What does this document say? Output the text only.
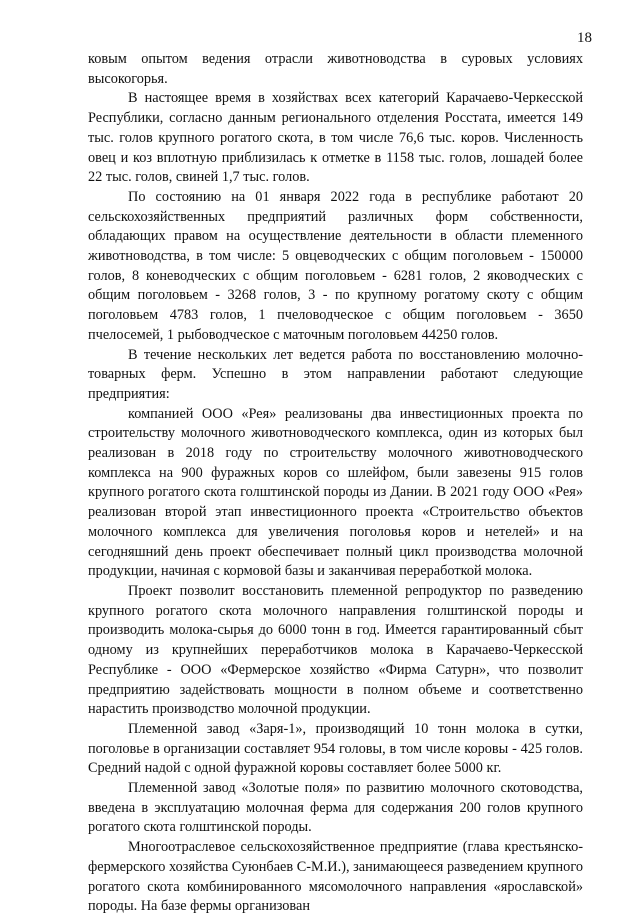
18

ковым опытом ведения отрасли животноводства в суровых условиях высокогорья.

В настоящее время в хозяйствах всех категорий Карачаево-Черкесской Республики, согласно данным регионального отделения Росстата, имеется 149 тыс. голов крупного рогатого скота, в том числе 76,6 тыс. коров. Численность овец и коз вплотную приблизилась к отметке в 1158 тыс. голов, лошадей более 22 тыс. голов, свиней 1,7 тыс. голов.

По состоянию на 01 января 2022 года в республике работают 20 сельскохозяйственных предприятий различных форм собственности, обладающих правом на осуществление деятельности в области племенного животноводства, в том числе: 5 овцеводческих с общим поголовьем - 150000 голов, 8 коневодческих с общим поголовьем - 6281 голов, 2 яководческих с общим поголовьем - 3268 голов, 3 - по крупному рогатому скоту с общим поголовьем 4783 голов, 1 пчеловодческое с общим поголовьем - 3650 пчелосемей, 1 рыбоводческое с маточным поголовьем 44250 голов.

В течение нескольких лет ведется работа по восстановлению молочно-товарных ферм. Успешно в этом направлении работают следующие предприятия:

компанией ООО «Рея» реализованы два инвестиционных проекта по строительству молочного животноводческого комплекса, один из которых был реализован в 2018 году по строительству молочного животноводческого комплекса на 900 фуражных коров со шлейфом, были завезены 915 голов крупного рогатого скота голштинской породы из Дании. В 2021 году ООО «Рея» реализован второй этап инвестиционного проекта «Строительство объектов молочного комплекса для увеличения поголовья коров и нетелей» и на сегодняшний день проект обеспечивает полный цикл производства молочной продукции, начиная с кормовой базы и заканчивая переработкой молока.

Проект позволит восстановить племенной репродуктор по разведению крупного рогатого скота молочного направления голштинской породы и производить молока-сырья до 6000 тонн в год. Имеется гарантированный сбыт одному из крупнейших переработчиков молока в Карачаево-Черкесской Республике - ООО «Фермерское хозяйство «Фирма Сатурн», что позволит предприятию задействовать мощности в полном объеме и соответственно нарастить производство молочной продукции.

Племенной завод «Заря-1», производящий 10 тонн молока в сутки, поголовье в организации составляет 954 головы, в том числе коровы - 425 голов. Средний надой с одной фуражной коровы составляет более 5000 кг.

Племенной завод «Золотые поля» по развитию молочного скотоводства, введена в эксплуатацию молочная ферма для содержания 200 голов крупного рогатого скота голштинской породы.

Многоотраслевое сельскохозяйственное предприятие (глава крестьянско-фермерского хозяйства Суюнбаев С-М.И.), занимающееся разведением крупного рогатого скота комбинированного мясомолочного направления «ярославской» породы. На базе фермы организован
